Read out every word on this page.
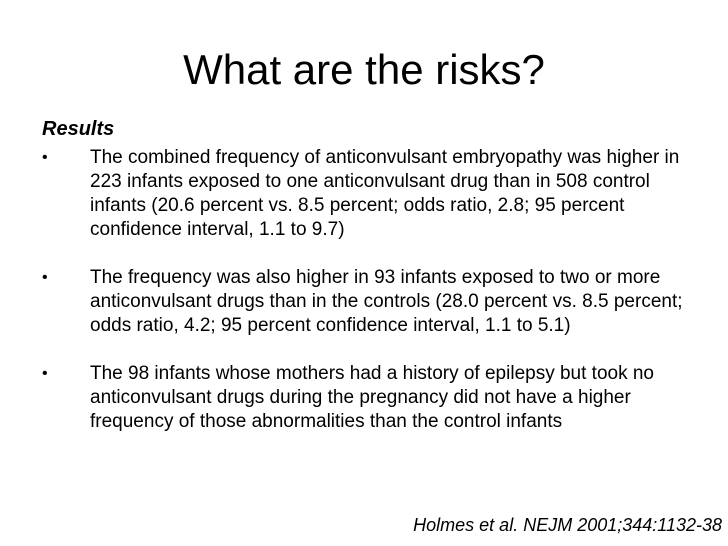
What are the risks?
Results
• The combined frequency of anticonvulsant embryopathy was higher in 223 infants exposed to one anticonvulsant drug than in 508 control infants (20.6 percent vs. 8.5 percent; odds ratio, 2.8; 95 percent confidence interval, 1.1 to 9.7)
• The frequency was also higher in 93 infants exposed to two or more anticonvulsant drugs than in the controls (28.0 percent vs. 8.5 percent; odds ratio, 4.2; 95 percent confidence interval, 1.1 to 5.1)
• The 98 infants whose mothers had a history of epilepsy but took no anticonvulsant drugs during the pregnancy did not have a higher frequency of those abnormalities than the control infants
Holmes et al. NEJM 2001;344:1132-38
